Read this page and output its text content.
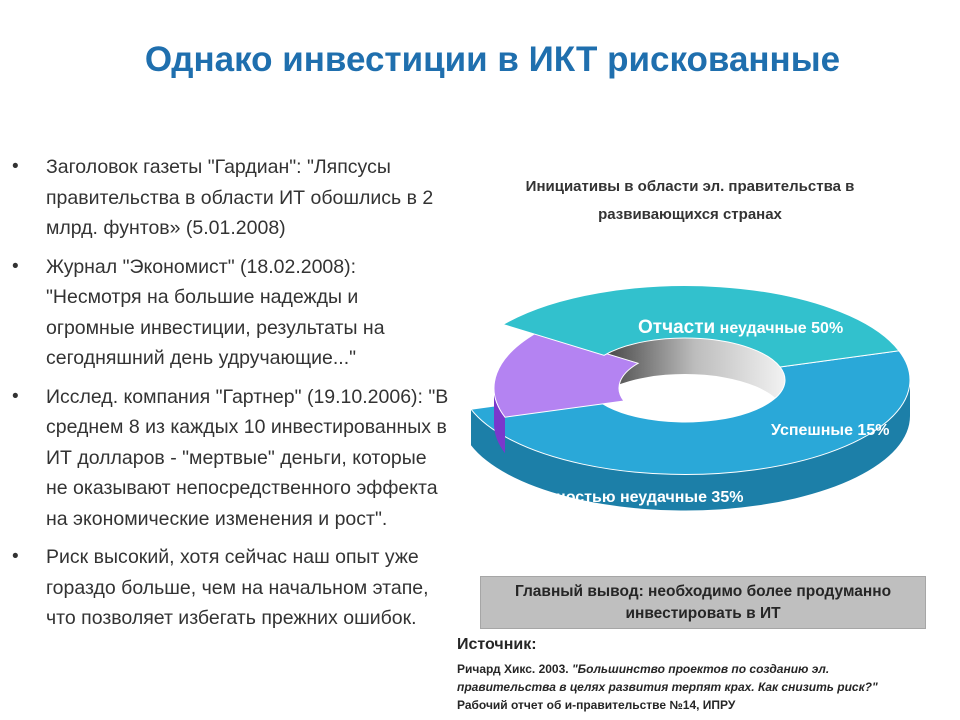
Однако инвестиции в ИКТ рискованные
• Заголовок газеты "Гардиан": "Ляпсусы правительства в области ИТ обошлись в 2 млрд. фунтов» (5.01.2008)
• Журнал "Экономист" (18.02.2008): "Несмотря на большие надежды и огромные инвестиции, результаты на сегодняшний день удручающие..."
• Исслед. компания "Гартнер" (19.10.2006): "В среднем 8 из каждых 10 инвестированных в ИТ долларов - "мертвые" деньги, которые не оказывают непосредственного эффекта на экономические изменения и рост".
• Риск высокий, хотя сейчас наш опыт уже гораздо больше, чем на начальном этапе, что позволяет избегать прежних ошибок.
Инициативы в области эл. правительства в развивающихся странах
Отчасти неудачные 50%
Успешные 15%
Полностью неудачные 35%
Главный вывод: необходимо более продуманно инвестировать в ИТ
Источник:
Ричард Хикс. 2003. "Большинство проектов по созданию эл. правительства в целях развития терпят крах. Как снизить риск?" Рабочий отчет об и-правительстве №14, ИПРУ
